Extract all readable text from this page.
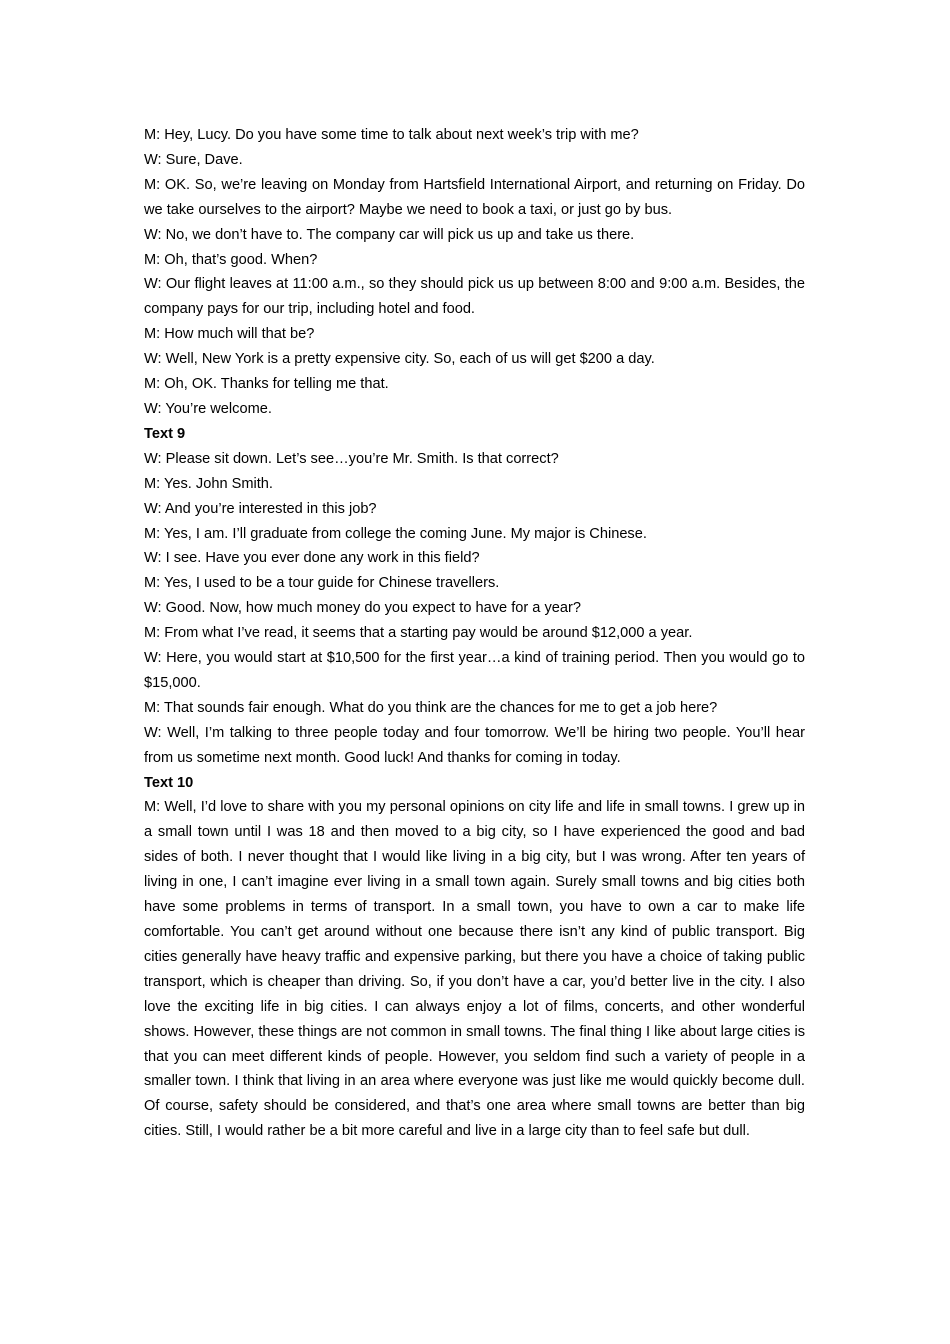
M: Hey, Lucy. Do you have some time to talk about next week’s trip with me?

W: Sure, Dave.

M: OK. So, we’re leaving on Monday from Hartsfield International Airport, and returning on Friday. Do we take ourselves to the airport? Maybe we need to book a taxi, or just go by bus.

W: No, we don’t have to. The company car will pick us up and take us there.

M: Oh, that’s good. When?

W: Our flight leaves at 11:00 a.m., so they should pick us up between 8:00 and 9:00 a.m. Besides, the company pays for our trip, including hotel and food.

M: How much will that be?

W: Well, New York is a pretty expensive city. So, each of us will get $200 a day.

M: Oh, OK. Thanks for telling me that.

W: You’re welcome.

Text 9

W: Please sit down. Let’s see…you’re Mr. Smith. Is that correct?

M: Yes. John Smith.

W: And you’re interested in this job?

M: Yes, I am. I’ll graduate from college the coming June. My major is Chinese.

W: I see. Have you ever done any work in this field?

M: Yes, I used to be a tour guide for Chinese travellers.

W: Good. Now, how much money do you expect to have for a year?

M: From what I’ve read, it seems that a starting pay would be around $12,000 a year.

W: Here, you would start at $10,500 for the first year…a kind of training period. Then you would go to $15,000.

M: That sounds fair enough. What do you think are the chances for me to get a job here?

W: Well, I’m talking to three people today and four tomorrow. We’ll be hiring two people. You’ll hear from us sometime next month. Good luck! And thanks for coming in today.

Text 10

M: Well, I’d love to share with you my personal opinions on city life and life in small towns. I grew up in a small town until I was 18 and then moved to a big city, so I have experienced the good and bad sides of both. I never thought that I would like living in a big city, but I was wrong. After ten years of living in one, I can’t imagine ever living in a small town again. Surely small towns and big cities both have some problems in terms of transport. In a small town, you have to own a car to make life comfortable. You can’t get around without one because there isn’t any kind of public transport. Big cities generally have heavy traffic and expensive parking, but there you have a choice of taking public transport, which is cheaper than driving. So, if you don’t have a car, you’d better live in the city. I also love the exciting life in big cities. I can always enjoy a lot of films, concerts, and other wonderful shows. However, these things are not common in small towns. The final thing I like about large cities is that you can meet different kinds of people. However, you seldom find such a variety of people in a smaller town. I think that living in an area where everyone was just like me would quickly become dull. Of course, safety should be considered, and that’s one area where small towns are better than big cities. Still, I would rather be a bit more careful and live in a large city than to feel safe but dull.
